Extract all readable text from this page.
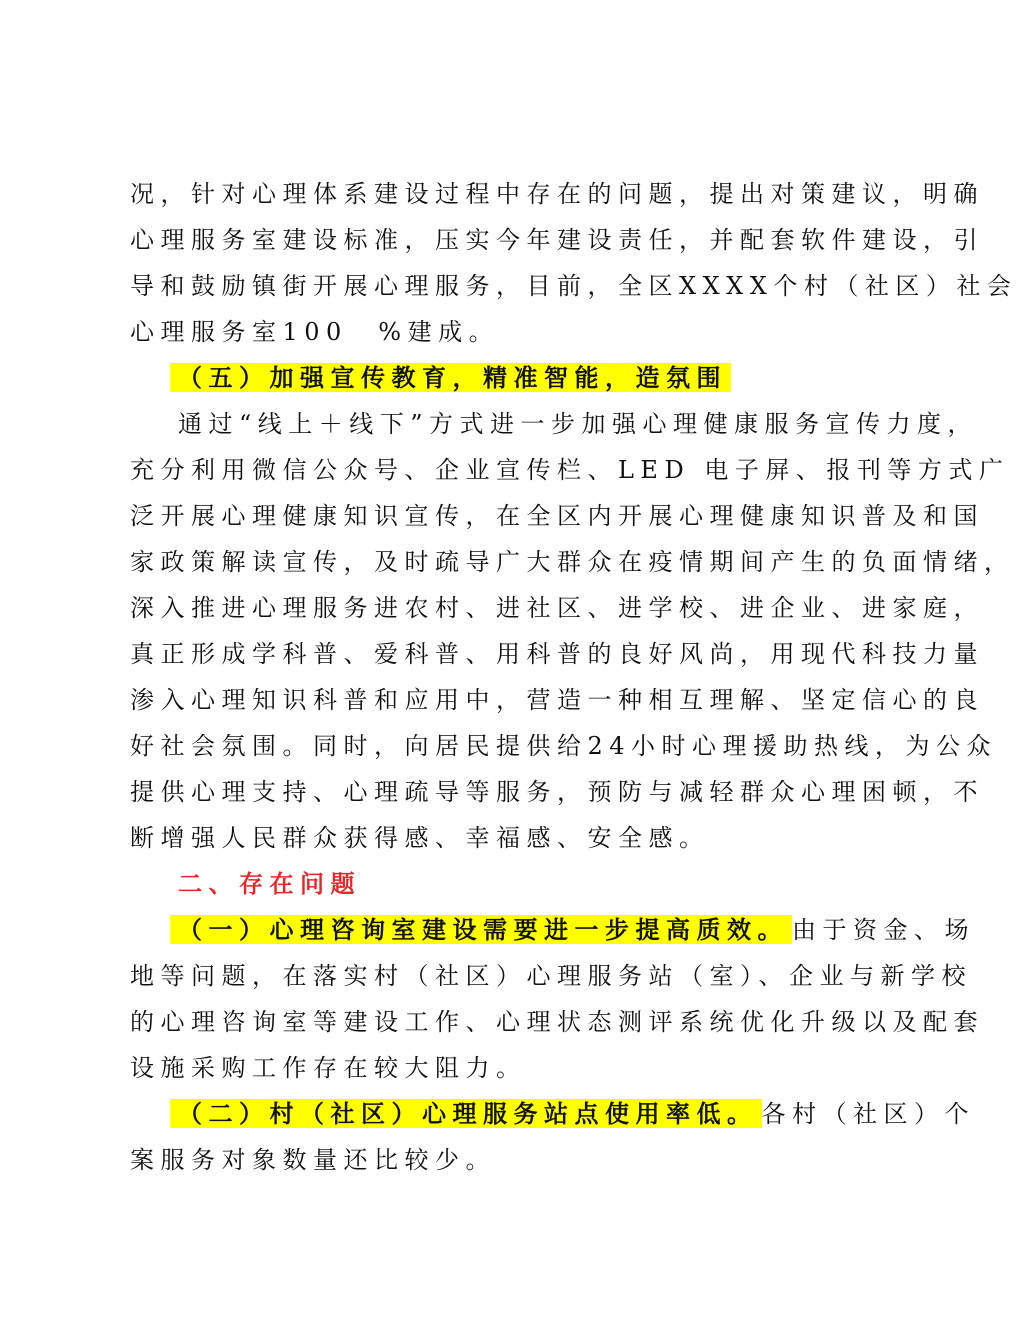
况，针对心理体系建设过程中存在的问题，提出对策建议，明确
心理服务室建设标准，压实今年建设责任，并配套软件建设，引
导和鼓励镇街开展心理服务，目前，全区XXXX个村（社区）社会
心理服务室100　%建成。
（五）加强宣传教育，精准智能，造氛围
通过“线上＋线下”方式进一步加强心理健康服务宣传力度，
充分利用微信公众号、企业宣传栏、LED 电子屏、报刊等方式广
泛开展心理健康知识宣传，在全区内开展心理健康知识普及和国
家政策解读宣传，及时疏导广大群众在疫情期间产生的负面情绪，
深入推进心理服务进农村、进社区、进学校、进企业、进家庭，
真正形成学科普、爱科普、用科普的良好风尚，用现代科技力量
渗入心理知识科普和应用中，营造一种相互理解、坚定信心的良
好社会氛围。同时，向居民提供给24小时心理援助热线，为公众
提供心理支持、心理疏导等服务，预防与减轻群众心理困顿，不
断增强人民群众获得感、幸福感、安全感。
二、存在问题
（一）心理咨询室建设需要进一步提高质效。 由于资金、场
地等问题，在落实村（社区）心理服务站（室）、企业与新学校
的心理咨询室等建设工作、心理状态测评系统优化升级以及配套
设施采购工作存在较大阻力。
（二）村（社区）心理服务站点使用率低。 各村（社区）个
案服务对象数量还比较少。
